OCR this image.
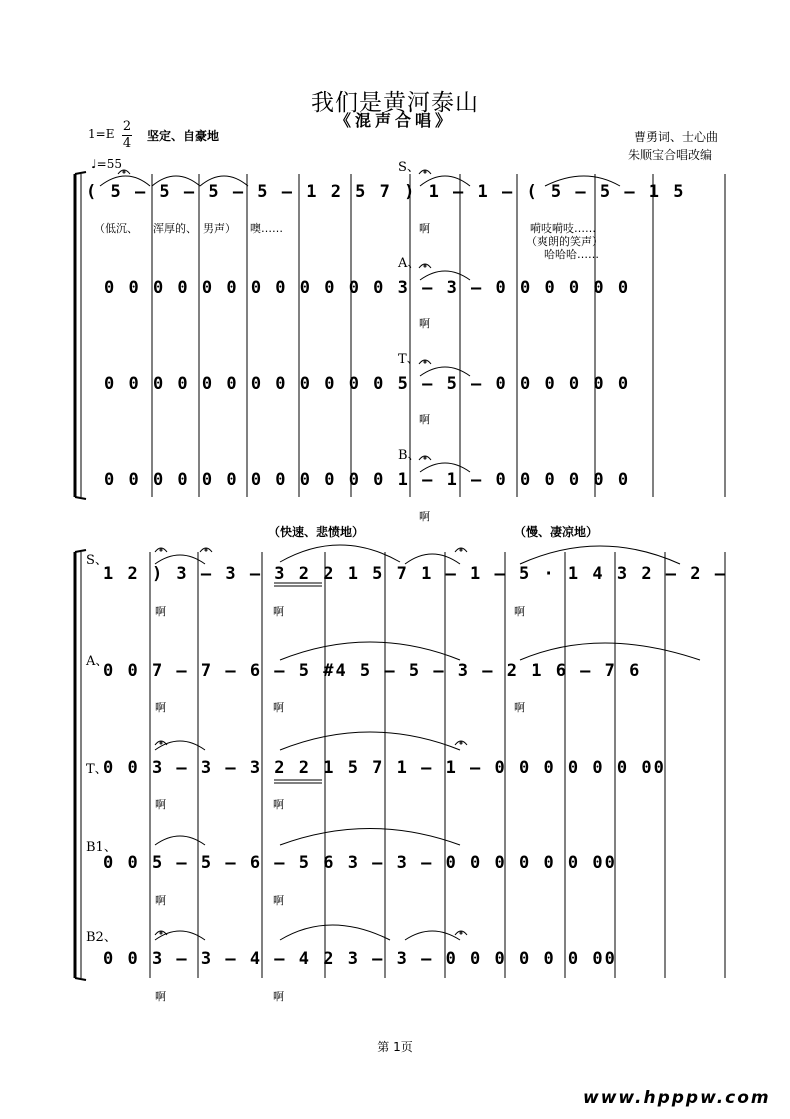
我们是黄河泰山
《混声合唱》
1=E 2
4 坚定、自豪地	曹勇词、士心曲
朱顺宝合唱改编
♩=55	S、
( 5 – 5 – 5 – 5 – 1 2 5 7 ) 1 – 1 – ( 5 – 5 – 1 5
（低沉、 浑厚的、 男声） 噢……	啊	嗬吱嗬吱……
（爽朗的笑声）
哈哈哈……
A、
0 0 0 0 0 0 0 0 0 0 0 0 3 – 3 – 0 0 0 0 0 0
啊
T、
0 0 0 0 0 0 0 0 0 0 0 0 5 – 5 – 0 0 0 0 0 0
啊
B、
0 0 0 0 0 0 0 0 0 0 0 0 1 – 1 – 0 0 0 0 0 0
啊
（快速、悲愤地）	（慢、凄凉地）
S、
1 2 ) 3 – 3 – 3 2 2 1 5 7 1 – 1 – 5 · 1 4 3 2 – 2 –
啊	啊	啊
A、
0 0 7 – 7 – 6 – 5 #4 5 – 5 – 3 – 2 1 6 – 7 6
啊	啊	啊
T、
0 0 3 – 3 – 3 2 2 1 5 7 1 – 1 – 0 0 0 0 0 0 00
啊	啊
B1、
0 0 5 – 5 – 6 – 5 6 3 – 3 – 0 0 0 0 0 0 00
啊	啊
B2、
0 0 3 – 3 – 4 – 4 2 3 – 3 – 0 0 0 0 0 0 00
啊	啊
第 1页
www.hpppw.com
